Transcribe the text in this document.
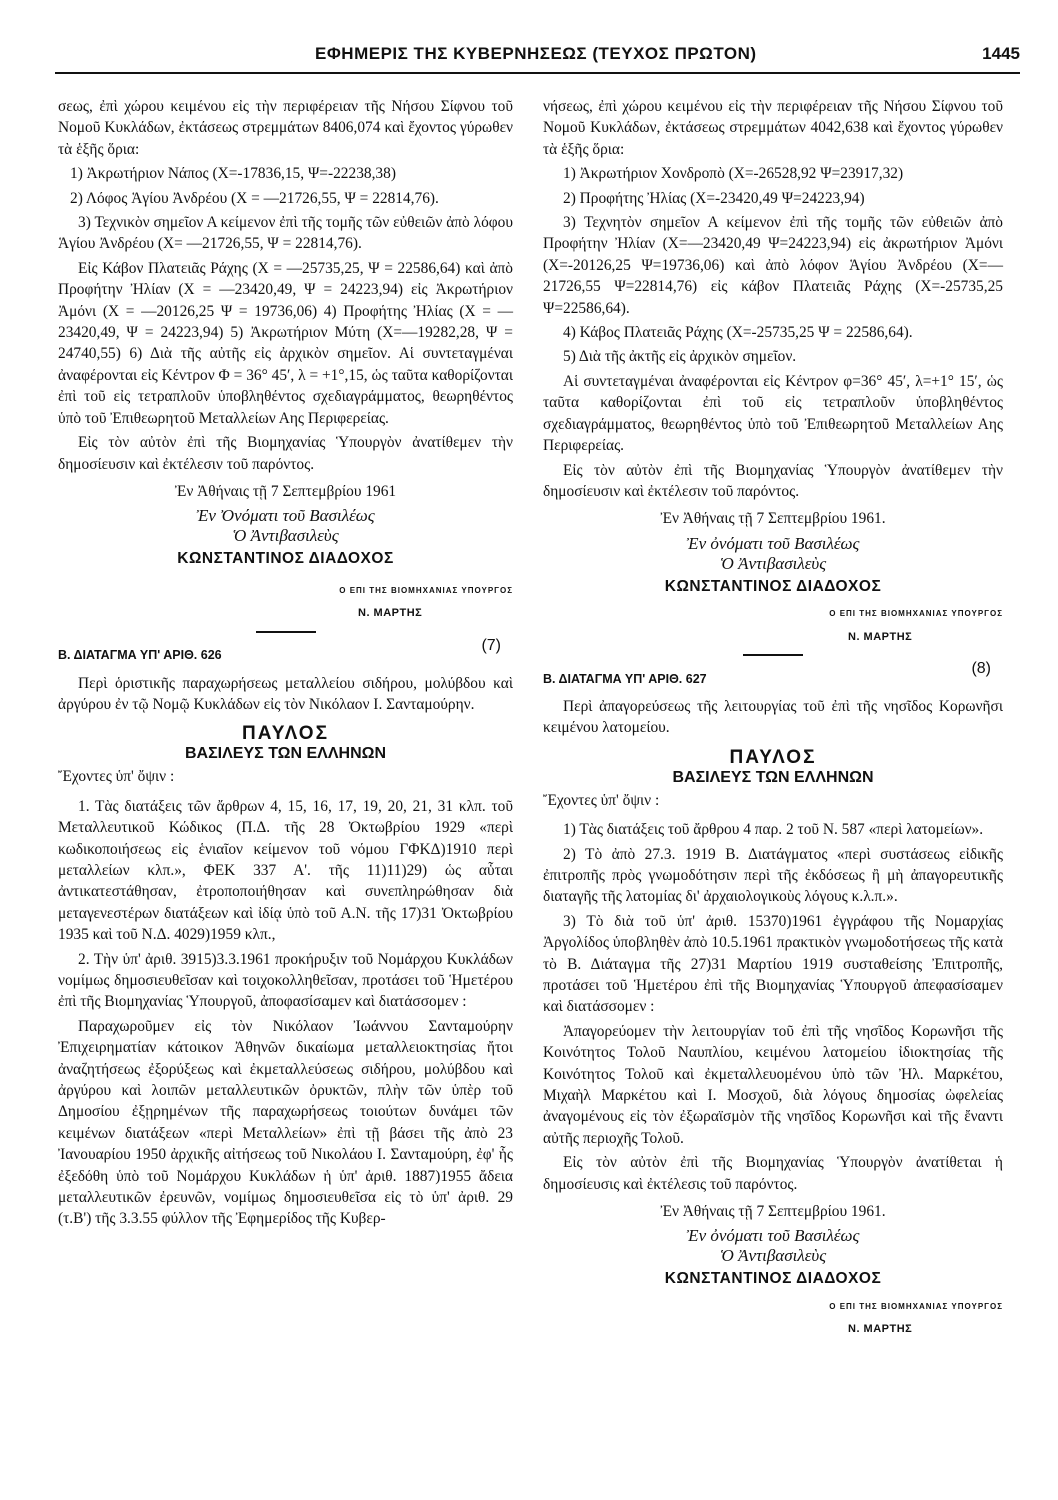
ΕΦΗΜΕΡΙΣ ΤΗΣ ΚΥΒΕΡΝΗΣΕΩΣ (ΤΕΥΧΟΣ ΠΡΩΤΟΝ)	1445

σεως, ἐπὶ χώρου κειμένου εἰς τὴν περιφέρειαν τῆς Νήσου Σίφνου τοῦ Νομοῦ Κυκλάδων, ἐκτάσεως στρεμμάτων 8406,074 καὶ ἔχοντος γύρωθεν τὰ ἑξῆς ὅρια:

1) Ἀκρωτήριον Νάπος (Χ=-17836,15, Ψ=-22238,38)

2) Λόφος Ἁγίου Ἀνδρέου (Χ = —21726,55, Ψ = 22814,76).

3) Τεχνικὸν σημεῖον Α κείμενον ἐπὶ τῆς τομῆς τῶν εὐθειῶν ἀπὸ λόφου Ἁγίου Ἀνδρέου (Χ= —21726,55, Ψ = 22814,76).

Εἰς Κάβον Πλατειᾶς Ράχης (Χ = —25735,25, Ψ = 22586,64) καὶ ἀπὸ Προφήτην Ἠλίαν (Χ = —23420,49, Ψ = 24223,94) εἰς Ἀκρωτήριον Ἀμόνι (Χ = —20126,25 Ψ = 19736,06) 4) Προφήτης Ἠλίας (Χ = —23420,49, Ψ = 24223,94) 5) Ἀκρωτήριον Μύτη (Χ=—19282,28, Ψ = 24740,55) 6) Διὰ τῆς αὐτῆς εἰς ἀρχικὸν σημεῖον. Αἱ συντεταγμέναι ἀναφέρονται εἰς Κέντρον Φ = 36° 45′, λ = +1°,15, ὡς ταῦτα καθορίζονται ἐπὶ τοῦ εἰς τετραπλοῦν ὑποβληθέντος σχεδιαγράμματος, θεωρηθέντος ὑπὸ τοῦ Ἐπιθεωρητοῦ Μεταλλείων Αης Περιφερείας.

Εἰς τὸν αὐτὸν ἐπὶ τῆς Βιομηχανίας Ὑπουργὸν ἀνατίθεμεν τὴν δημοσίευσιν καὶ ἐκτέλεσιν τοῦ παρόντος.

Ἐν Ἀθήναις τῇ 7 Σεπτεμβρίου 1961
Ἐν Ὀνόματι τοῦ Βασιλέως
Ὁ Ἀντιβασιλεὺς
ΚΩΝΣΤΑΝΤΙΝΟΣ ΔΙΑΔΟΧΟΣ
Ο ΕΠΙ ΤΗΣ ΒΙΟΜΗΧΑΝΙΑΣ ΥΠΟΥΡΓΟΣ
Ν. ΜΑΡΤΗΣ
Β. ΔΙΑΤΑΓΜΑ ΥΠ' ΑΡΙΘ. 626
(7)

Περὶ ὁριστικῆς παραχωρήσεως μεταλλείου σιδήρου, μολύβδου καὶ ἀργύρου ἐν τῷ Νομῷ Κυκλάδων εἰς τὸν Νικόλαον Ι. Σανταμούρην.

ΠΑΥΛΟΣ
ΒΑΣΙΛΕΥΣ ΤΩΝ ΕΛΛΗΝΩΝ

Ἔχοντες ὑπ' ὄψιν :

1. Τὰς διατάξεις τῶν ἄρθρων 4, 15, 16, 17, 19, 20, 21, 31 κλπ. τοῦ Μεταλλευτικοῦ Κώδικος (Π.Δ. τῆς 28 Ὀκτωβρίου 1929 «περὶ κωδικοποιήσεως εἰς ἑνιαῖον κείμενον τοῦ νόμου ΓΦΚΔ)1910 περὶ μεταλλείων κλπ.», ΦΕΚ 337 Α'. τῆς 11)11)29) ὡς αὗται ἀντικατεστάθησαν, ἐτροποποιήθησαν καὶ συνεπληρώθησαν διὰ μεταγενεστέρων διατάξεων καὶ ἰδίᾳ ὑπὸ τοῦ Α.Ν. τῆς 17)31 Ὀκτωβρίου 1935 καὶ τοῦ Ν.Δ. 4029)1959 κλπ.,

2. Τὴν ὑπ' ἀριθ. 3915)3.3.1961 προκήρυξιν τοῦ Νομάρχου Κυκλάδων νομίμως δημοσιευθεῖσαν καὶ τοιχοκολληθεῖσαν, προτάσει τοῦ Ἡμετέρου ἐπὶ τῆς Βιομηχανίας Ὑπουργοῦ, ἀποφασίσαμεν καὶ διατάσσομεν :

Παραχωροῦμεν εἰς τὸν Νικόλαον Ἰωάννου Σανταμούρην Ἐπιχειρηματίαν κάτοικον Ἀθηνῶν δικαίωμα μεταλλειοκτησίας ἤτοι ἀναζητήσεως ἐξορύξεως καὶ ἐκμεταλλεύσεως σιδήρου, μολύβδου καὶ ἀργύρου καὶ λοιπῶν μεταλλευτικῶν ὀρυκτῶν, πλὴν τῶν ὑπὲρ τοῦ Δημοσίου ἐξῃρημένων τῆς παραχωρήσεως τοιούτων δυνάμει τῶν κειμένων διατάξεων «περὶ Μεταλλείων» ἐπὶ τῇ βάσει τῆς ἀπὸ 23 Ἰανουαρίου 1950 ἀρχικῆς αἰτήσεως τοῦ Νικολάου Ι. Σανταμούρη, ἐφ' ἧς ἐξεδόθη ὑπὸ τοῦ Νομάρχου Κυκλάδων ἡ ὑπ' ἀριθ. 1887)1955 ἄδεια μεταλλευτικῶν ἐρευνῶν, νομίμως δημοσιευθεῖσα εἰς τὸ ὑπ' ἀριθ. 29 (τ.Β') τῆς 3.3.55 φύλλον τῆς Ἐφημερίδος τῆς Κυβερ-

νήσεως, ἐπὶ χώρου κειμένου εἰς τὴν περιφέρειαν τῆς Νήσου Σίφνου τοῦ Νομοῦ Κυκλάδων, ἐκτάσεως στρεμμάτων 4042,638 καὶ ἔχοντος γύρωθεν τὰ ἑξῆς ὅρια:

1) Ἀκρωτήριον Χονδροπὸ (Χ=-26528,92 Ψ=23917,32)

2) Προφήτης Ἠλίας (Χ=-23420,49 Ψ=24223,94)

3) Τεχνητὸν σημεῖον Α κείμενον ἐπὶ τῆς τομῆς τῶν εὐθειῶν ἀπὸ Προφήτην Ἠλίαν (Χ=—23420,49 Ψ=24223,94) εἰς ἀκρωτήριον Ἀμόνι (Χ=-20126,25 Ψ=19736,06) καὶ ἀπὸ λόφον Ἁγίου Ἀνδρέου (Χ=—21726,55 Ψ=22814,76) εἰς κάβον Πλατειᾶς Ράχης (Χ=-25735,25 Ψ=22586,64).

4) Κάβος Πλατειᾶς Ράχης (Χ=-25735,25 Ψ = 22586,64).

5) Διὰ τῆς ἀκτῆς εἰς ἀρχικὸν σημεῖον.

Αἱ συντεταγμέναι ἀναφέρονται εἰς Κέντρον φ=36° 45′, λ=+1° 15′, ὡς ταῦτα καθορίζονται ἐπὶ τοῦ εἰς τετραπλοῦν ὑποβληθέντος σχεδιαγράμματος, θεωρηθέντος ὑπὸ τοῦ Ἐπιθεωρητοῦ Μεταλλείων Αης Περιφερείας.

Εἰς τὸν αὐτὸν ἐπὶ τῆς Βιομηχανίας Ὑπουργὸν ἀνατίθεμεν τὴν δημοσίευσιν καὶ ἐκτέλεσιν τοῦ παρόντος.

Ἐν Ἀθήναις τῇ 7 Σεπτεμβρίου 1961.
Ἐν ὀνόματι τοῦ Βασιλέως
Ὁ Ἀντιβασιλεὺς
ΚΩΝΣΤΑΝΤΙΝΟΣ ΔΙΑΔΟΧΟΣ
Ο ΕΠΙ ΤΗΣ ΒΙΟΜΗΧΑΝΙΑΣ ΥΠΟΥΡΓΟΣ
Ν. ΜΑΡΤΗΣ
Β. ΔΙΑΤΑΓΜΑ ΥΠ' ΑΡΙΘ. 627
(8)

Περὶ ἀπαγορεύσεως τῆς λειτουργίας τοῦ ἐπὶ τῆς νησῖδος Κορωνῆσι κειμένου λατομείου.

ΠΑΥΛΟΣ
ΒΑΣΙΛΕΥΣ ΤΩΝ ΕΛΛΗΝΩΝ

Ἔχοντες ὑπ' ὄψιν :

1) Τὰς διατάξεις τοῦ ἄρθρου 4 παρ. 2 τοῦ Ν. 587 «περὶ λατομείων».

2) Τὸ ἀπὸ 27.3. 1919 Β. Διατάγματος «περὶ συστάσεως εἰδικῆς ἐπιτροπῆς πρὸς γνωμοδότησιν περὶ τῆς ἐκδόσεως ἢ μὴ ἀπαγορευτικῆς διαταγῆς τῆς λατομίας δι' ἀρχαιολογικοὺς λόγους κ.λ.π.».

3) Τὸ διὰ τοῦ ὑπ' ἀριθ. 15370)1961 ἐγγράφου τῆς Νομαρχίας Ἀργολίδος ὑποβληθὲν ἀπὸ 10.5.1961 πρακτικὸν γνωμοδοτήσεως τῆς κατὰ τὸ Β. Διάταγμα τῆς 27)31 Μαρτίου 1919 συσταθείσης Ἐπιτροπῆς, προτάσει τοῦ Ἡμετέρου ἐπὶ τῆς Βιομηχανίας Ὑπουργοῦ ἀπεφασίσαμεν καὶ διατάσσομεν :

Ἀπαγορεύομεν τὴν λειτουργίαν τοῦ ἐπὶ τῆς νησῖδος Κορωνῆσι τῆς Κοινότητος Τολοῦ Ναυπλίου, κειμένου λατομείου ἰδιοκτησίας τῆς Κοινότητος Τολοῦ καὶ ἐκμεταλλευομένου ὑπὸ τῶν Ἠλ. Μαρκέτου, Μιχαὴλ Μαρκέτου καὶ Ι. Μοσχοῦ, διὰ λόγους δημοσίας ὠφελείας ἀναγομένους εἰς τὸν ἐξωραϊσμὸν τῆς νησῖδος Κορωνῆσι καὶ τῆς ἔναντι αὐτῆς περιοχῆς Τολοῦ.

Εἰς τὸν αὐτὸν ἐπὶ τῆς Βιομηχανίας Ὑπουργὸν ἀνατίθεται ἡ δημοσίευσις καὶ ἐκτέλεσις τοῦ παρόντος.

Ἐν Ἀθήναις τῇ 7 Σεπτεμβρίου 1961.
Ἐν ὀνόματι τοῦ Βασιλέως
Ὁ Ἀντιβασιλεὺς
ΚΩΝΣΤΑΝΤΙΝΟΣ ΔΙΑΔΟΧΟΣ
Ο ΕΠΙ ΤΗΣ ΒΙΟΜΗΧΑΝΙΑΣ ΥΠΟΥΡΓΟΣ
Ν. ΜΑΡΤΗΣ
